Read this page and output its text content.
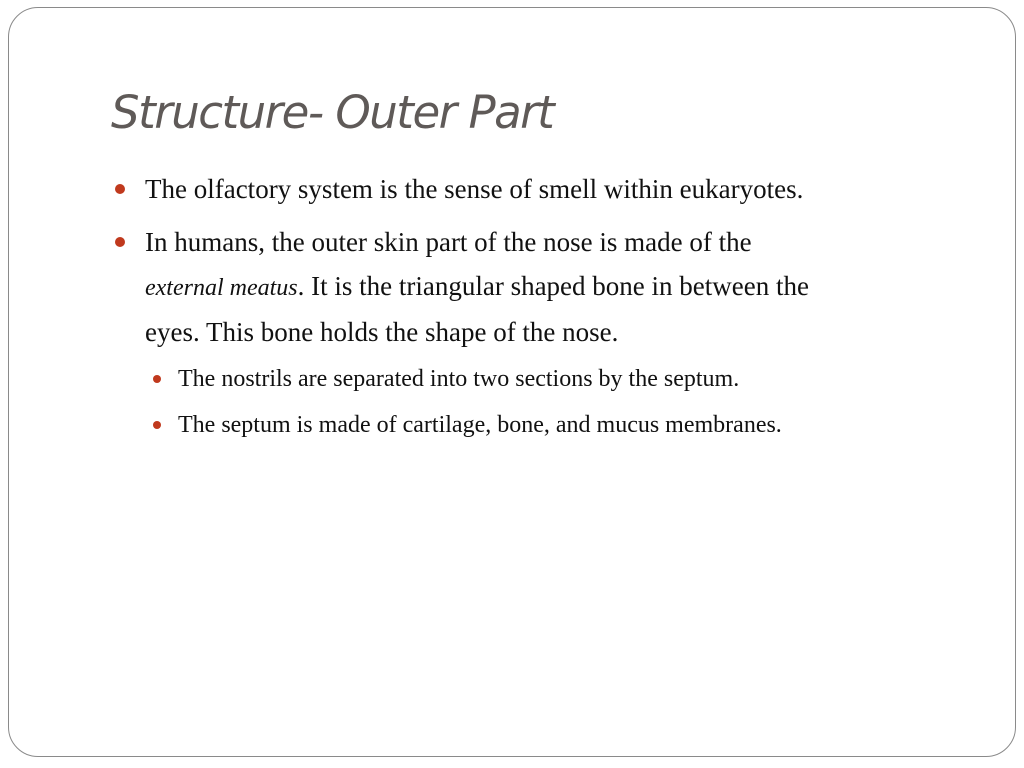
Structure- Outer Part
The olfactory system is the sense of smell within eukaryotes.
In humans, the outer skin part of the nose is made of the
external meatus. It is the triangular shaped bone in between the
eyes. This bone holds the shape of the nose.
The nostrils are separated into two sections by the septum.
The septum is made of cartilage, bone, and mucus membranes.
